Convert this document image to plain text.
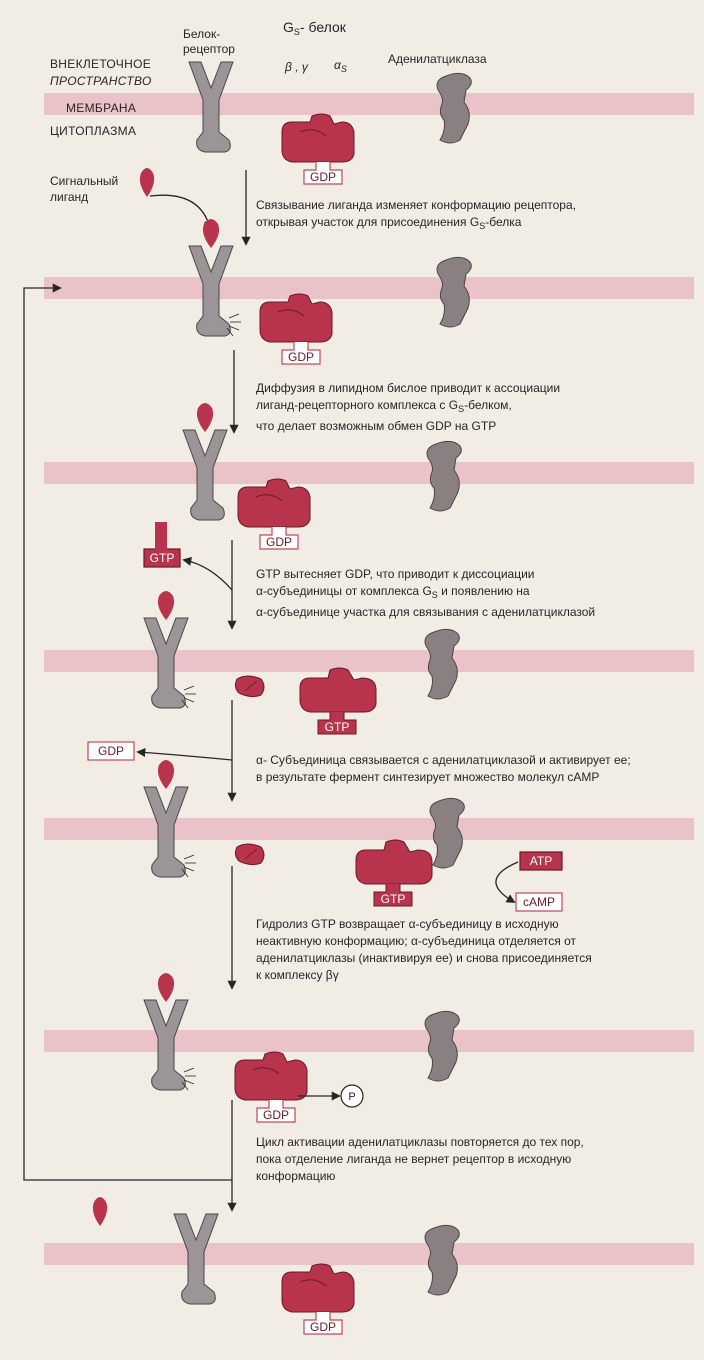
GDP
GDP
GDP
GTP
GTP
GDP
GTP
ATP
cAMP
GDP
P
GDP
ВНЕКЛЕТОЧНОЕ
ПРОСТРАНСТВО
МЕМБРАНА
ЦИТОПЛАЗМА
Белок-
рецептор
$G_S-$ белок
β , γ $\alpha_S$
Аденилатциклаза
Сигнальный
лиганд
Связывание лиганда изменяет конформацию рецептора,
открывая участок для присоединения $G_S$-белка
Диффузия в липидном бислое приводит к ассоциации
лиганд-рецепторного комплекса с $G_S$-белком,
что делает возможным обмен GDP на GTP
GTP вытесняет GDP, что приводит к диссоциации
α-субъединицы от комплекса $G_S$ и появлению на
α-субъединице участка для связывания с аденилатциклазой
α- Субъединица связывается с аденилатциклазой и активирует ее;
в результате фермент синтезирует множество молекул cAMP
Гидролиз GTP возвращает α-субъединицу в исходную
неактивную конформацию; α-субъединица отделяется от
аденилатциклазы (инактивируя ее) и снова присоединяется
к комплексу βγ
Цикл активации аденилатциклазы повторяется до тех пор,
пока отделение лиганда не вернет рецептор в исходную
конформацию
